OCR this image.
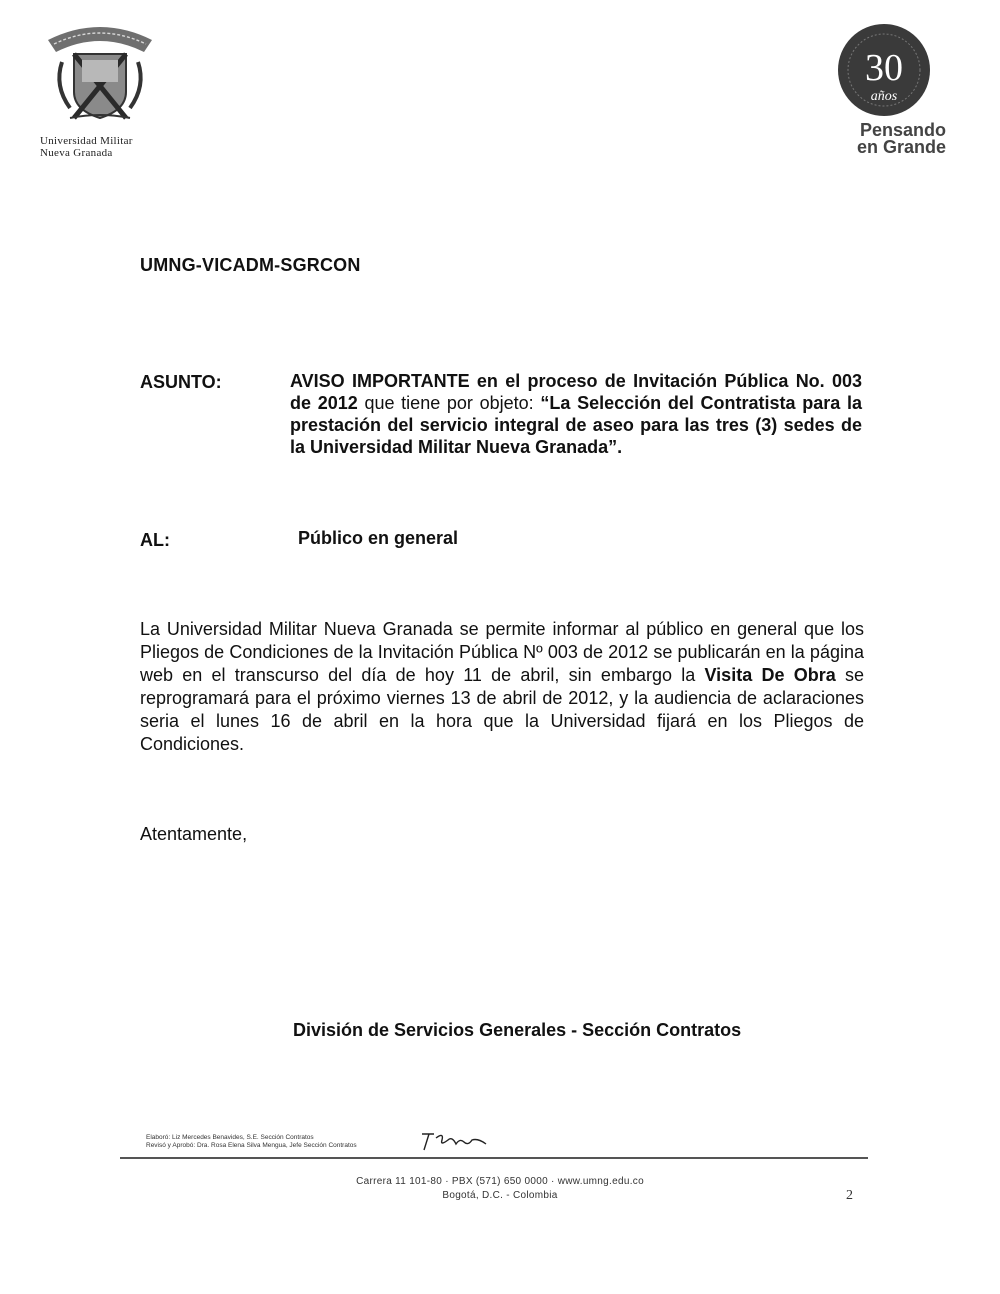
Universidad Militar
Nueva Granada
30
años
Pensando
en Grande
UMNG-VICADM-SGRCON
ASUNTO:	AVISO IMPORTANTE en el proceso de Invitación Pública No. 003 de 2012 que tiene por objeto: “La Selección del Contratista para la prestación del servicio integral de aseo para las tres (3) sedes de la Universidad Militar Nueva Granada”.
AL:	Público en general
La Universidad Militar Nueva Granada se permite informar al público en general que los Pliegos de Condiciones de la Invitación Pública Nº 003 de 2012 se publicarán en la página web en el transcurso del día de hoy 11 de abril, sin embargo la Visita De Obra se reprogramará para el próximo viernes 13 de abril de 2012, y la audiencia de aclaraciones seria el lunes 16 de abril en la hora que la Universidad fijará en los Pliegos de Condiciones.
Atentamente,
División de Servicios Generales - Sección Contratos
Elaboró: Liz Mercedes Benavides, S.E. Sección Contratos
Revisó y Aprobó: Dra. Rosa Elena Silva Mengua, Jefe Sección Contratos
Carrera 11 101-80 · PBX (571) 650 0000 · www.umng.edu.co
Bogotá, D.C. - Colombia	2
